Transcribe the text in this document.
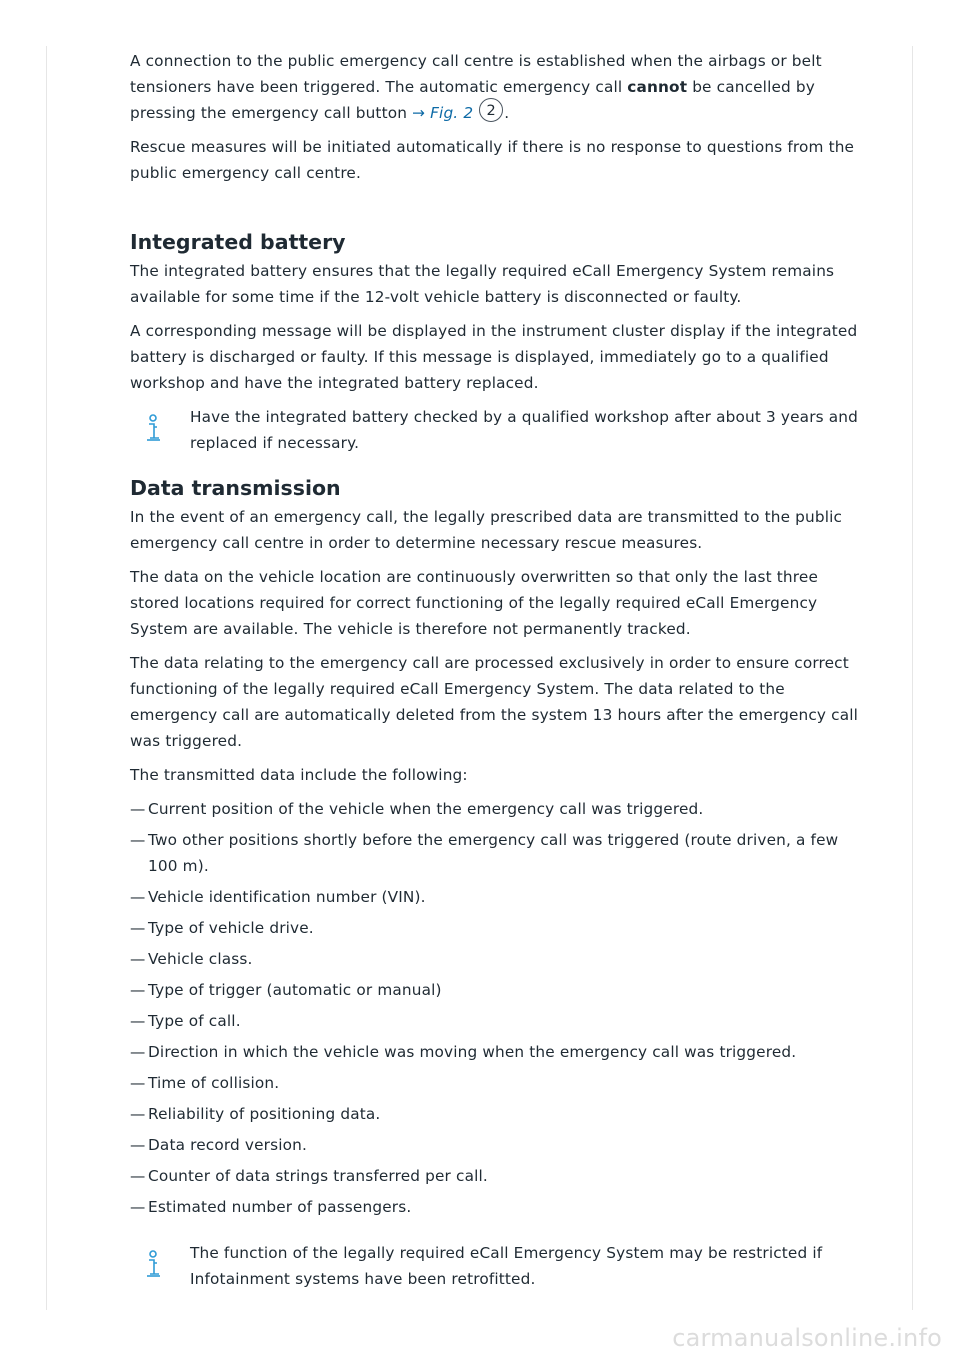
A connection to the public emergency call centre is established when the airbags or belt tensioners have been triggered. The automatic emergency call cannot be cancelled by pressing the emergency call button → Fig. 2 2 .

Rescue measures will be initiated automatically if there is no response to questions from the public emergency call centre.

Integrated battery

The integrated battery ensures that the legally required eCall Emergency System remains available for some time if the 12-volt vehicle battery is disconnected or faulty.

A corresponding message will be displayed in the instrument cluster display if the integrated battery is discharged or faulty. If this message is displayed, immediately go to a qualified workshop and have the integrated battery replaced.

Have the integrated battery checked by a qualified workshop after about 3 years and replaced if necessary.

Data transmission

In the event of an emergency call, the legally prescribed data are transmitted to the public emergency call centre in order to determine necessary rescue measures.

The data on the vehicle location are continuously overwritten so that only the last three stored locations required for correct functioning of the legally required eCall Emergency System are available. The vehicle is therefore not permanently tracked.

The data relating to the emergency call are processed exclusively in order to ensure correct functioning of the legally required eCall Emergency System. The data related to the emergency call are automatically deleted from the system 13 hours after the emergency call was triggered.

The transmitted data include the following:

— Current position of the vehicle when the emergency call was triggered.
— Two other positions shortly before the emergency call was triggered (route driven, a few 100 m).
— Vehicle identification number (VIN).
— Type of vehicle drive.
— Vehicle class.
— Type of trigger (automatic or manual)
— Type of call.
— Direction in which the vehicle was moving when the emergency call was triggered.
— Time of collision.
— Reliability of positioning data.
— Data record version.
— Counter of data strings transferred per call.
— Estimated number of passengers.

The function of the legally required eCall Emergency System may be restricted if Infotainment systems have been retrofitted.

carmanualsonline.info
